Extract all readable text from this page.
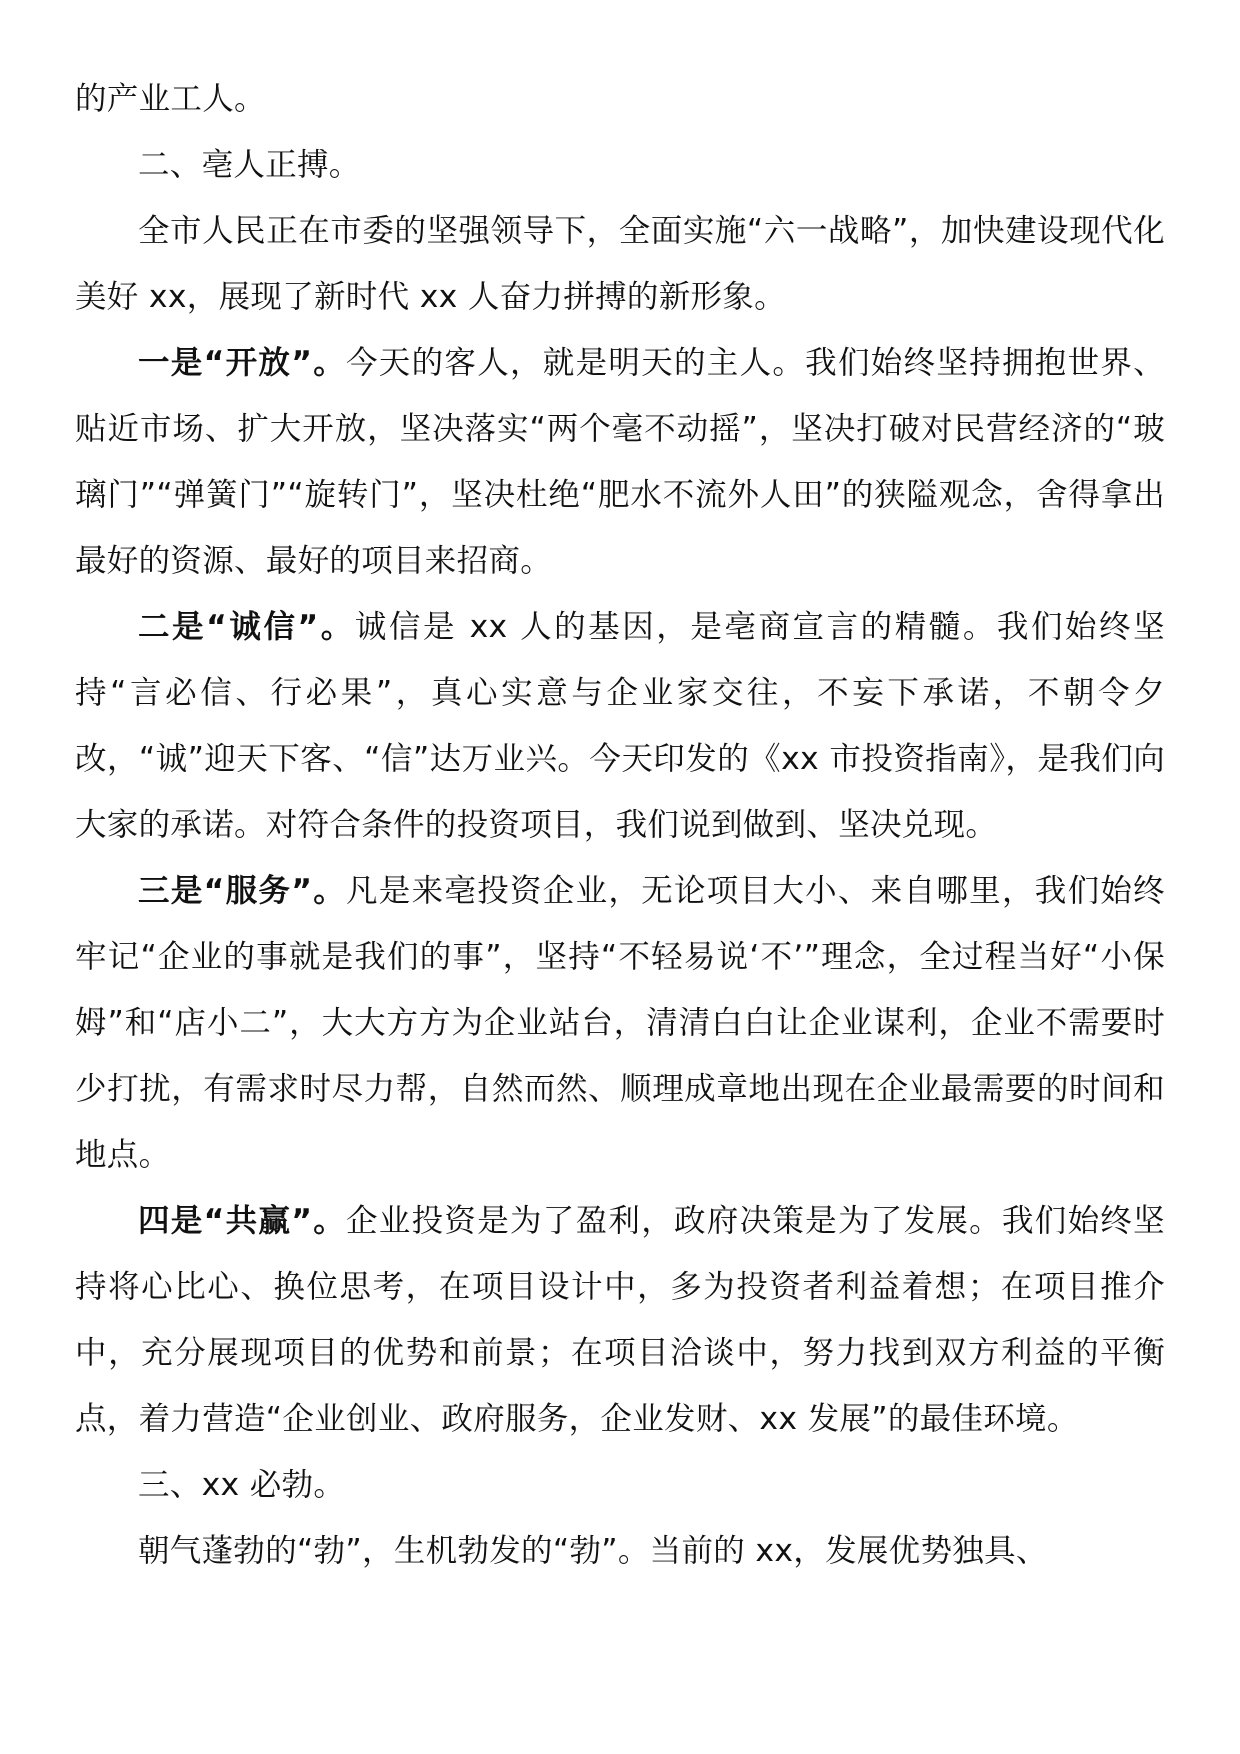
的产业工人。

二、亳人正搏。

全市人民正在市委的坚强领导下，全面实施“六一战略”，加快建设现代化美好 xx，展现了新时代 xx 人奋力拼搏的新形象。

一是“开放”。今天的客人，就是明天的主人。我们始终坚持拥抱世界、贴近市场、扩大开放，坚决落实“两个毫不动摇”，坚决打破对民营经济的“玻璃门”“弹簧门”“旋转门”，坚决杜绝“肥水不流外人田”的狭隘观念，舍得拿出最好的资源、最好的项目来招商。

二是“诚信”。诚信是 xx 人的基因，是亳商宣言的精髓。我们始终坚持“言必信、行必果”，真心实意与企业家交往，不妄下承诺，不朝令夕改，“诚”迎天下客、“信”达万业兴。今天印发的《xx 市投资指南》，是我们向大家的承诺。对符合条件的投资项目，我们说到做到、坚决兑现。

三是“服务”。凡是来亳投资企业，无论项目大小、来自哪里，我们始终牢记“企业的事就是我们的事”，坚持“不轻易说‘不’”理念，全过程当好“小保姆”和“店小二”，大大方方为企业站台，清清白白让企业谋利，企业不需要时少打扰，有需求时尽力帮，自然而然、顺理成章地出现在企业最需要的时间和地点。

四是“共赢”。企业投资是为了盈利，政府决策是为了发展。我们始终坚持将心比心、换位思考，在项目设计中，多为投资者利益着想；在项目推介中，充分展现项目的优势和前景；在项目洽谈中，努力找到双方利益的平衡点，着力营造“企业创业、政府服务，企业发财、xx 发展”的最佳环境。

三、xx 必勃。

朝气蓬勃的“勃”，生机勃发的“勃”。当前的 xx，发展优势独具、
